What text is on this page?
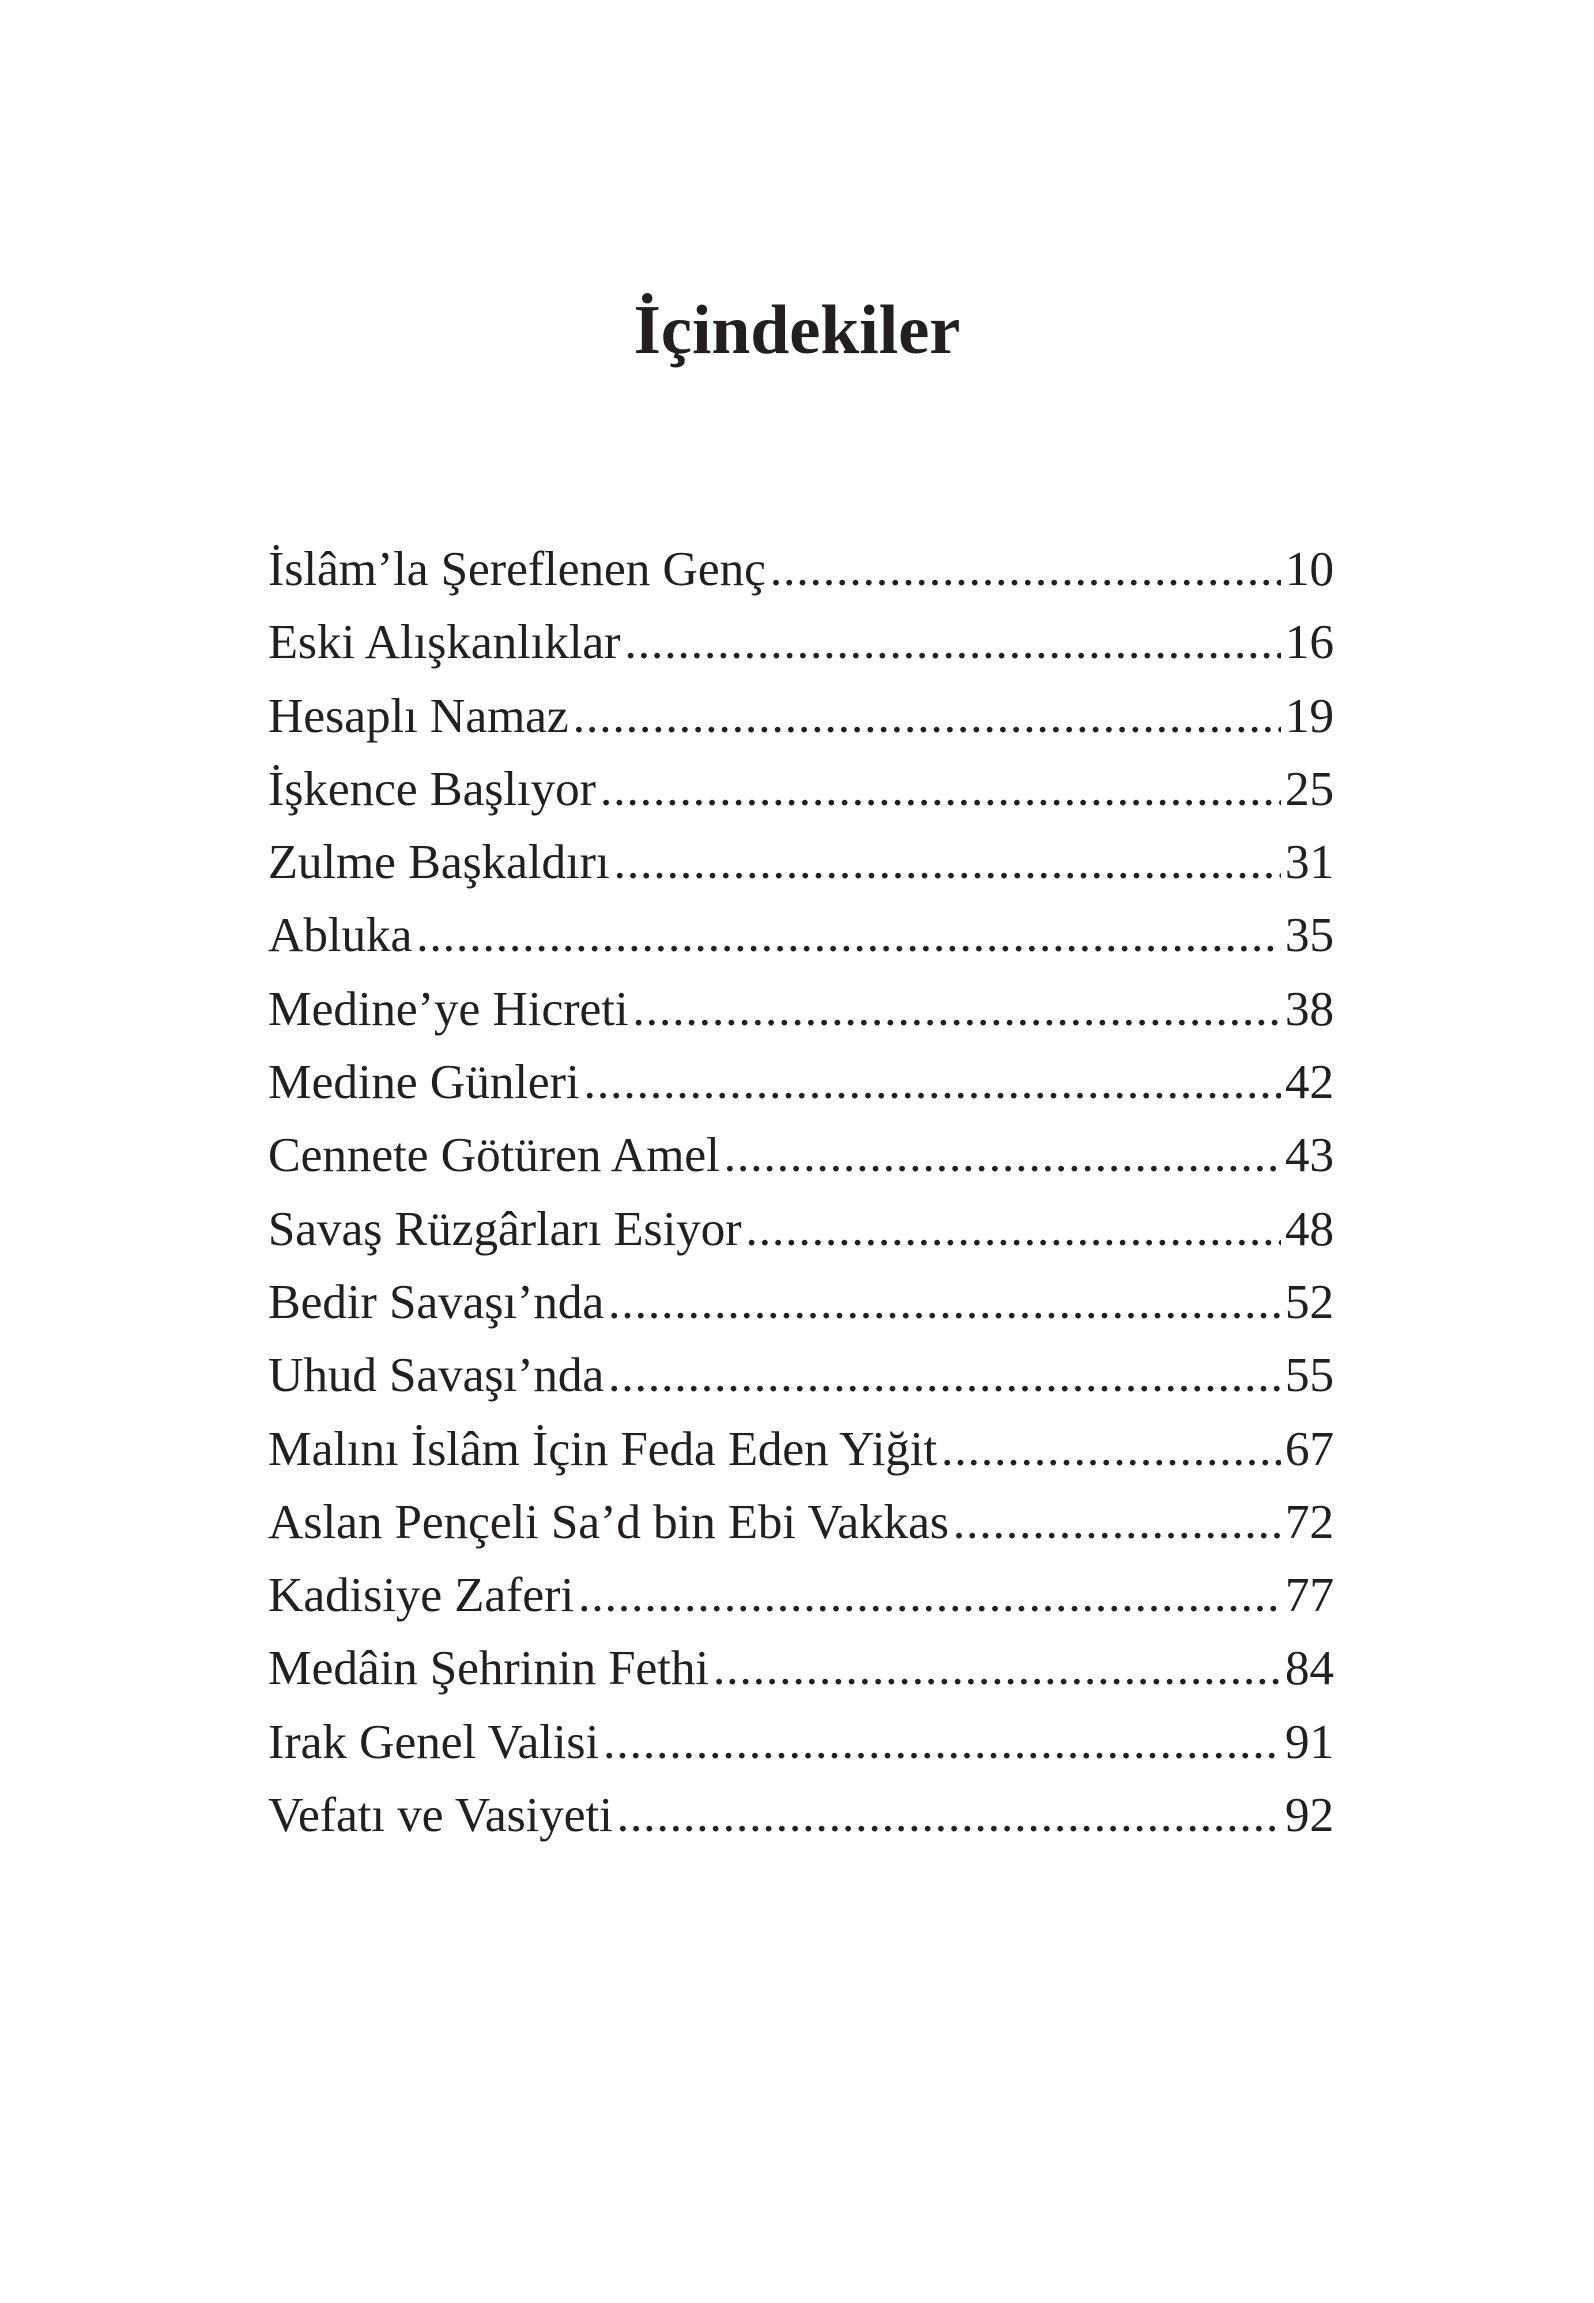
İçindekiler
İslâm’la Şereflenen Genç .....	10
Eski Alışkanlıklar .....	16
Hesaplı Namaz .....	19
İşkence Başlıyor .....	25
Zulme Başkaldırı .....	31
Abluka .....	35
Medine’ye Hicreti .....	38
Medine Günleri .....	42
Cennete Götüren Amel .....	43
Savaş Rüzgârları Esiyor .....	48
Bedir Savaşı’nda .....	52
Uhud Savaşı’nda .....	55
Malını İslâm İçin Feda Eden Yiğit .....	67
Aslan Pençeli Sa’d bin Ebi Vakkas .....	72
Kadisiye Zaferi .....	77
Medâin Şehrinin Fethi .....	84
Irak Genel Valisi .....	91
Vefatı ve Vasiyeti .....	92
